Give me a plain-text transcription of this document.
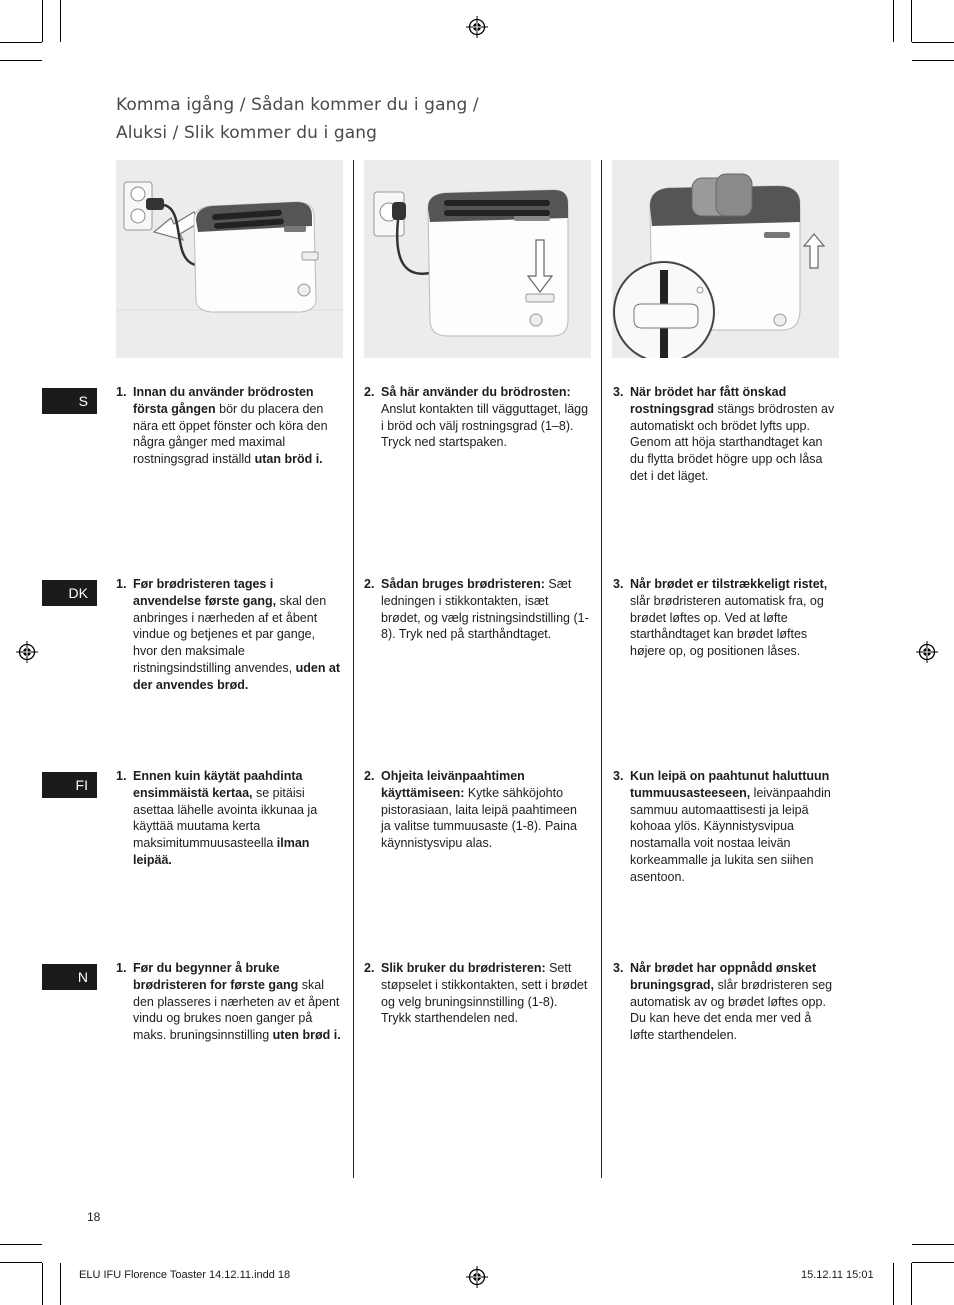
Komma igång / Sådan kommer du i gang /
Aluksi / Slik kommer du i gang
S
1. Innan du använder brödrosten första gången bör du placera den nära ett öppet fönster och köra den några gånger med maximal rostningsgrad inställd utan bröd i.
2. Så här använder du brödrosten: Anslut kontakten till vägguttaget, lägg i bröd och välj rostningsgrad (1–8). Tryck ned startspaken.
3. När brödet har fått önskad rostningsgrad stängs brödrosten av automatiskt och brödet lyfts upp. Genom att höja starthandtaget kan du flytta brödet högre upp och låsa det i det läget.
DK
1. Før brødristeren tages i anvendelse første gang, skal den anbringes i nærheden af et åbent vindue og betjenes et par gange, hvor den maksimale ristningsindstilling anvendes, uden at der anvendes brød.
2. Sådan bruges brødristeren: Sæt ledningen i stikkontakten, isæt brødet, og vælg ristningsindstilling (1-8). Tryk ned på starthåndtaget.
3. Når brødet er tilstrækkeligt ristet, slår brødristeren automatisk fra, og brødet løftes op. Ved at løfte starthåndtaget kan brødet løftes højere op, og positionen låses.
FI
1. Ennen kuin käytät paahdinta ensimmäistä kertaa, se pitäisi asettaa lähelle avointa ikkunaa ja käyttää muutama kerta maksimitummuusasteella ilman leipää.
2. Ohjeita leivänpaahtimen käyttämiseen: Kytke sähköjohto pistorasiaan, laita leipä paahtimeen ja valitse tummuusaste (1-8). Paina käynnistysvipu alas.
3. Kun leipä on paahtunut haluttuun tummuusasteeseen, leivänpaahdin sammuu automaattisesti ja leipä kohoaa ylös. Käynnistysvipua nostamalla voit nostaa leivän korkeammalle ja lukita sen siihen asentoon.
N
1. Før du begynner å bruke brødristeren for første gang skal den plasseres i nærheten av et åpent vindu og brukes noen ganger på maks. bruningsinnstilling uten brød i.
2. Slik bruker du brødristeren: Sett støpselet i stikkontakten, sett i brødet og velg bruningsinnstilling (1-8). Trykk starthendelen ned.
3. Når brødet har oppnådd ønsket bruningsgrad, slår brødristeren seg automatisk av og brødet løftes opp. Du kan heve det enda mer ved å løfte starthendelen.
18
ELU IFU Florence Toaster 14.12.11.indd 18	15.12.11 15:01
